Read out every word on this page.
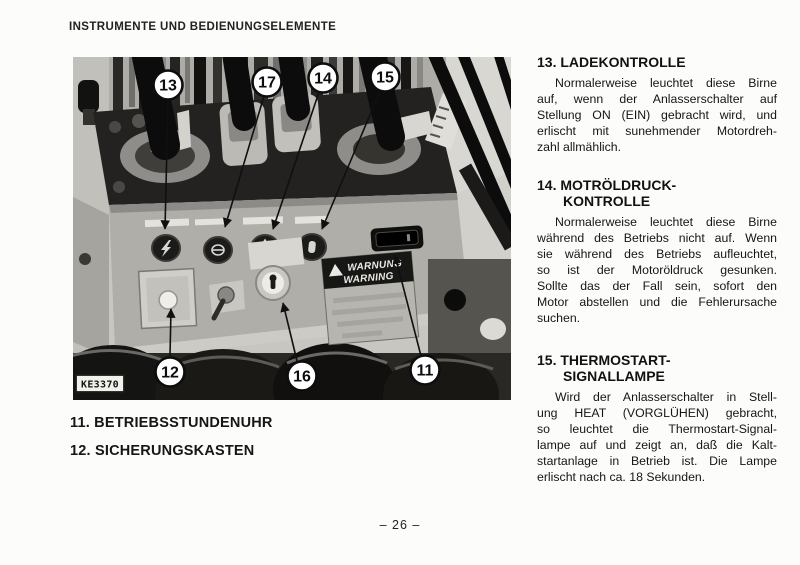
INSTRUMENTE UND BEDIENUNGSELEMENTE
WARNUNG
WARNING
KE3370
13	17 14	15
12	16	11
11. BETRIEBSSTUNDENUHR
12. SICHERUNGSKASTEN
13. LADEKONTROLLE
Normalerweise leuchtet diese Birne
auf, wenn der Anlasserschalter auf
Stellung ON (EIN) gebracht wird, und
erlischt mit sunehmender Motordreh-
zahl allmählich.
14. MOTRÖLDRUCK-
KONTROLLE
Normalerweise leuchtet diese Birne
während des Betriebs nicht auf. Wenn
sie während des Betriebs aufleuchtet,
so ist der Motoröldruck gesunken.
Sollte das der Fall sein, sofort den
Motor abstellen und die Fehlerursache
suchen.
15. THERMOSTART-
SIGNALLAMPE
Wird der Anlasserschalter in Stell-
ung HEAT (VORGLÜHEN) gebracht,
so leuchtet die Thermostart-Signal-
lampe auf und zeigt an, daß die Kalt-
startanlage in Betrieb ist. Die Lampe
erlischt nach ca. 18 Sekunden.
– 26 –
